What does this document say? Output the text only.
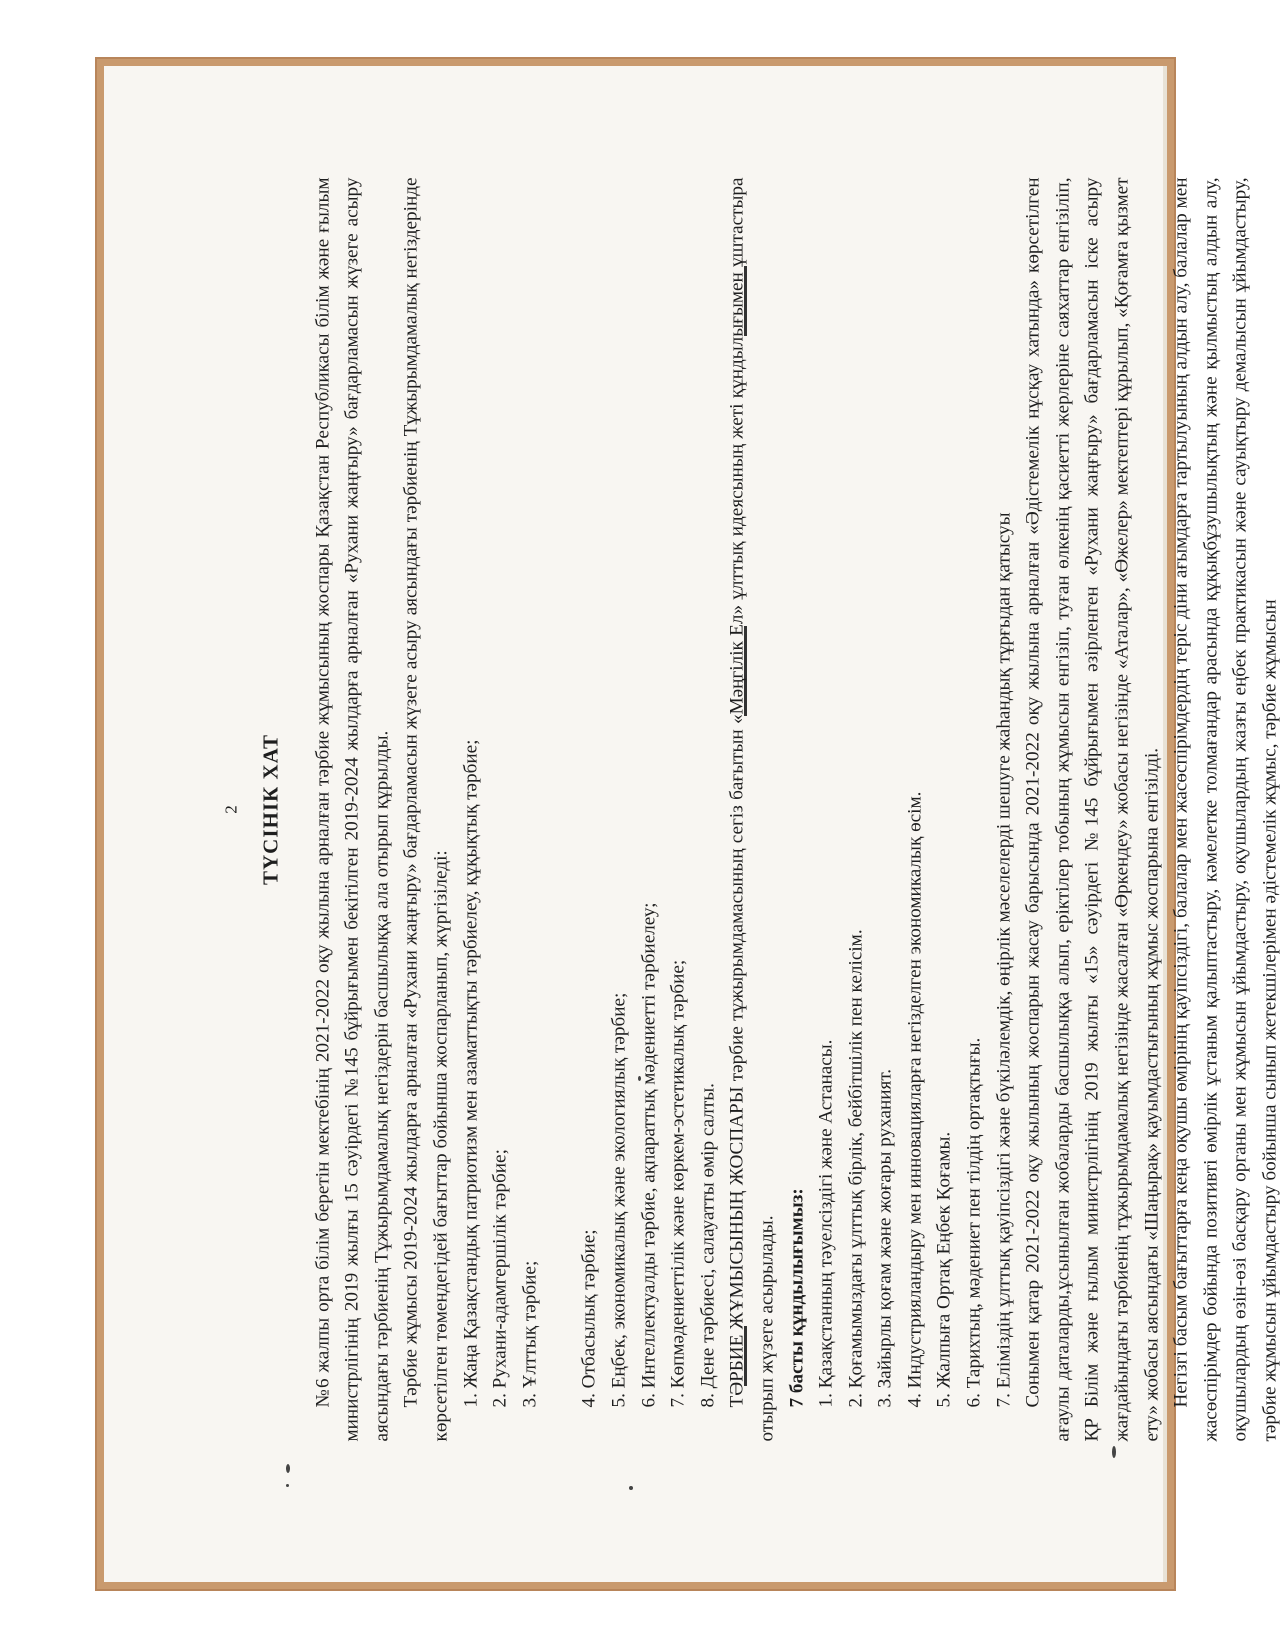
2 ТҮСІНІК ХАТ №6 жалпы орта білім беретін мектебінің 2021-2022 оқу жылына арналған тәрбие жұмысының жоспары Қазақстан Республикасы білім және ғылым министрлігінің 2019 жылғы 15 сәуірдегі №145 бұйрығымен бекітілген 2019-2024 жылдарға арналған «Рухани жаңғыру» бағдарламасын жүзеге асыру аясындағы тәрбиенің Тұжырымдамалық негіздерін басшылыққа ала отырып құрылды. Тәрбие жұмысы 2019-2024 жылдарға арналған «Рухани жаңғыру» бағдарламасын жүзеге асыру аясындағы тәрбиенің Тұжырымдамалық негіздерінде көрсетілген төмендегідей бағыттар бойынша жоспарланып, жүргізіледі: 1. Жаңа Қазақстандық патриотизм мен азаматтықты тәрбиелеу, құқықтық тәрбие; 2. Рухани-адамгершілік тәрбие; 3. Ұлттық тәрбие; 4. Отбасылық тәрбие; 5. Еңбек, экономикалық және экологиялық тәрбие; 6. Интеллектуалды тәрбие, ақпараттық мәдениетті тәрбиелеу; 7. Көпмәдениеттілік және көркем-эстетикалық тәрбие; 8. Дене тәрбиесі, салауатты өмір салты. ТӘРБИЕ ЖҰМЫСЫНЫҢ ЖОСПАРЫ тәрбие тұжырымдамасының сегіз бағытын «Мәңгілік Ел» ұлттық идеясының жеті құндылығымен ұштастыра отырып жүзеге асырылады. 7 басты құндылығымыз: 1. Қазақстанның тәуелсіздігі және Астанасы. 2. Қоғамымыздағы ұлттық бірлік, бейбітшілік пен келісім. 3. Зайырлы қоғам және жоғары руханият. 4. Индустрияландыру мен инновацияларға негізделген экономикалық өсім. 5. Жалпыға Ортақ Еңбек Қоғамы. 6. Тарихтың, мәдениет пен тілдің ортақтығы. 7. Еліміздің ұлттық қауіпсіздігі және бүкіләлемдік, өңірлік мәселелерді шешуге жаһандық тұрғыдан қатысуы Сонымен қатар 2021-2022 оқу жылының жоспарын жасау барысында 2021-2022 оқу жылына арналған «Әдістемелік нұсқау хатында» көрсетілген ағаулы даталарды,ұсынылған жобаларды басшылыққа алып, еріктілер тобының жұмысын енгізіп, туған өлкенің қасиетті жерлеріне саяхаттар енгізіліп, ҚР Білім және ғылым министрлігінің 2019 жылғы «15» сәуірдегі №145 бұйрығымен әзірленген «Рухани жаңғыру» бағдарламасын іске асыру жағдайындағы тәрбиенің тұжырымдамалық негізінде жасалған «Өркендеу» жобасы негізінде «Аталар», «Өжелер» мектептері құрылып, «Қоғамға қызмет ету» жобасы аясындағы «Шаңырақ» қауымдастығының жұмыс жоспарына енгізілді. Негізгі басым бағыттарға кеңа оқушы өмірінің қауіпсіздігі, балалар мен жасөспірімдердің теріс діни ағымдарға тартылуының алдын алу, балалар мен жасөспірімдер бойында позитивті өмірлік ұстаным қалыптастыру, кәмелетке толмағандар арасында құқықбұзушылықтың және қылмыстың алдын алу, оқушылардың өзін-өзі басқару органы мен жұмысын ұйымдастыру, оқушылардың жазғы еңбек практикасын және сауықтыру демалысын ұйымдастыру, тәрбие жұмысын ұйымдастыру бойынша сынып жетекшілерімен әдістемелік жұмыс, тәрбие жұмысын
